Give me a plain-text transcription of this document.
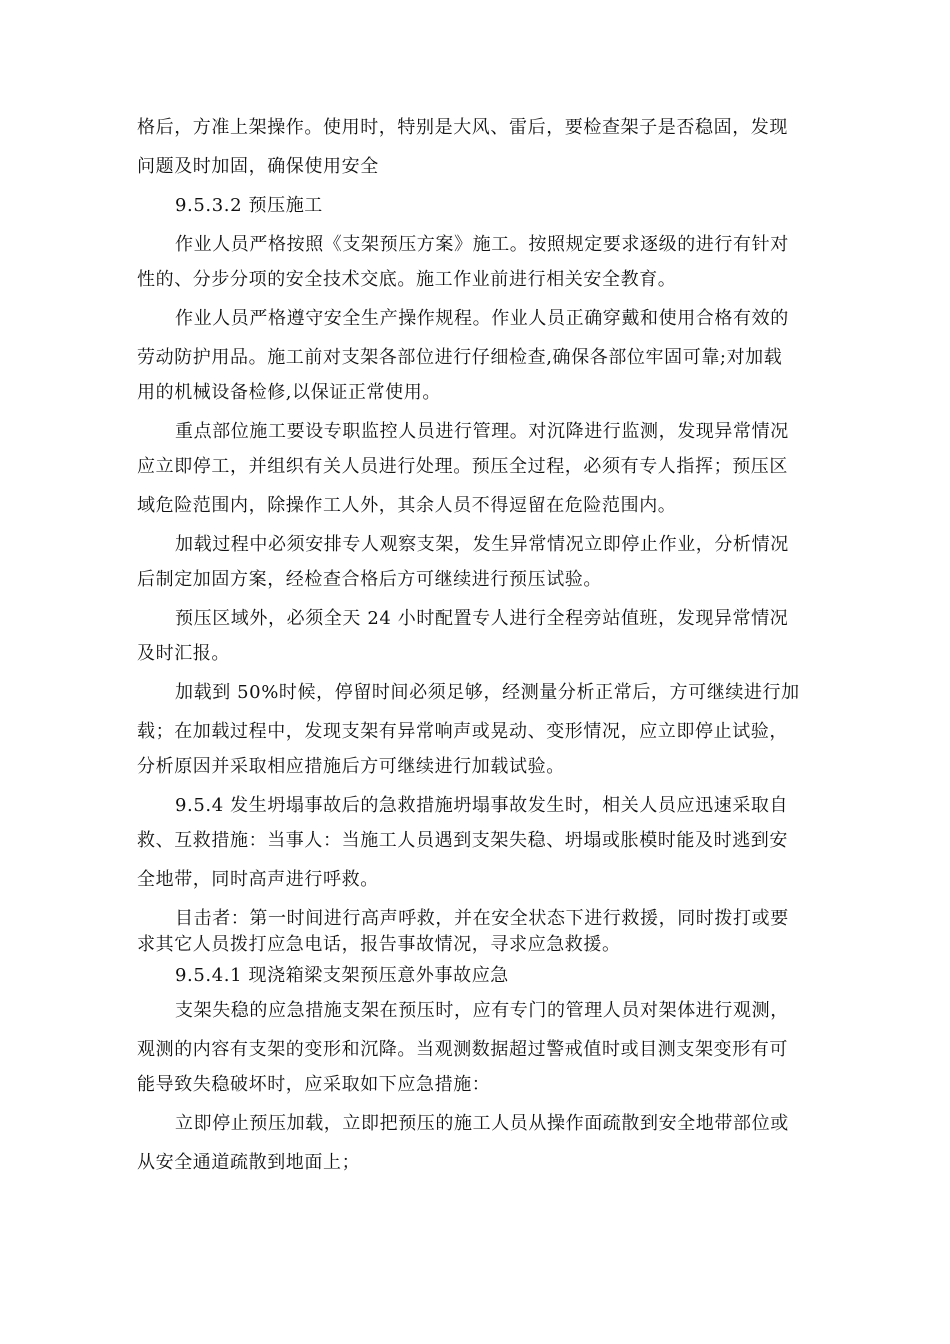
格后，方准上架操作。使用时，特别是大风、雷后，要检查架子是否稳固，发现
问题及时加固，确保使用安全
9.5.3.2 预压施工
作业人员严格按照《支架预压方案》施工。按照规定要求逐级的进行有针对
性的、分步分项的安全技术交底。施工作业前进行相关安全教育。
作业人员严格遵守安全生产操作规程。作业人员正确穿戴和使用合格有效的
劳动防护用品。施工前对支架各部位进行仔细检查,确保各部位牢固可靠;对加载
用的机械设备检修,以保证正常使用。
重点部位施工要设专职监控人员进行管理。对沉降进行监测，发现异常情况
应立即停工，并组织有关人员进行处理。预压全过程，必须有专人指挥；预压区
域危险范围内，除操作工人外，其余人员不得逗留在危险范围内。
加载过程中必须安排专人观察支架，发生异常情况立即停止作业，分析情况
后制定加固方案，经检查合格后方可继续进行预压试验。
预压区域外，必须全天 24 小时配置专人进行全程旁站值班，发现异常情况
及时汇报。
加载到 50%时候，停留时间必须足够，经测量分析正常后，方可继续进行加
载；在加载过程中，发现支架有异常响声或晃动、变形情况，应立即停止试验，
分析原因并采取相应措施后方可继续进行加载试验。
9.5.4 发生坍塌事故后的急救措施坍塌事故发生时，相关人员应迅速采取自
救、互救措施：当事人：当施工人员遇到支架失稳、坍塌或胀模时能及时逃到安
全地带，同时高声进行呼救。
目击者：第一时间进行高声呼救，并在安全状态下进行救援，同时拨打或要
求其它人员拨打应急电话，报告事故情况，寻求应急救援。
9.5.4.1 现浇箱梁支架预压意外事故应急
支架失稳的应急措施支架在预压时，应有专门的管理人员对架体进行观测，
观测的内容有支架的变形和沉降。当观测数据超过警戒值时或目测支架变形有可
能导致失稳破坏时，应采取如下应急措施：
立即停止预压加载，立即把预压的施工人员从操作面疏散到安全地带部位或
从安全通道疏散到地面上；
